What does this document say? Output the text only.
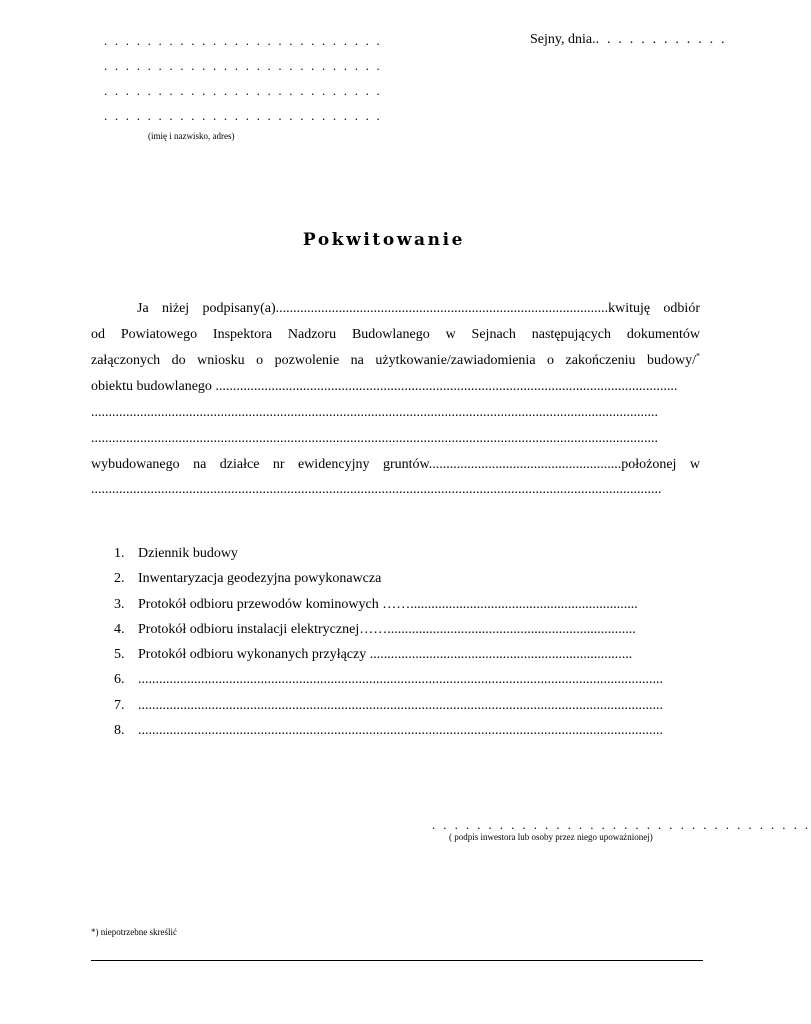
. . . . . . . . . . . . . . . . . . . . . . . . . .
. . . . . . . . . . . . . . . . . . . . . . . . . .
. . . . . . . . . . . . . . . . . . . . . . . . . .
. . . . . . . . . . . . . . . . . . . . . . . . . .
(imię i nazwisko, adres)
Sejny, dnia.. . . . . . . . . . . .
Pokwitowanie
Ja niżej podpisany(a)...............................................................................................kwituję odbiór
od Powiatowego Inspektora Nadzoru Budowlanego w Sejnach następujących dokumentów
załączonych do wniosku o pozwolenie na użytkowanie/zawiadomienia o zakończeniu budowy/*
obiektu budowlanego ....................................................................................................................................
..................................................................................................................................................................
..................................................................................................................................................................
wybudowanego na działce nr ewidencyjny gruntów.......................................................położonej w
...................................................................................................................................................................
1. Dziennik budowy
2. Inwentaryzacja geodezyjna powykonawcza
3. Protokół odbioru przewodów kominowych …….................................................................
4. Protokół odbioru instalacji elektrycznej…….......................................................................
5. Protokół odbioru wykonanych przyłączy ...........................................................................
6. ......................................................................................................................................................
7. ......................................................................................................................................................
8. ......................................................................................................................................................
. . . . . . . . . . . . . . . . . . . . . . . . . . . . . . . . . .
( podpis inwestora lub osoby przez niego upoważnionej)
*) niepotrzebne skreślić
